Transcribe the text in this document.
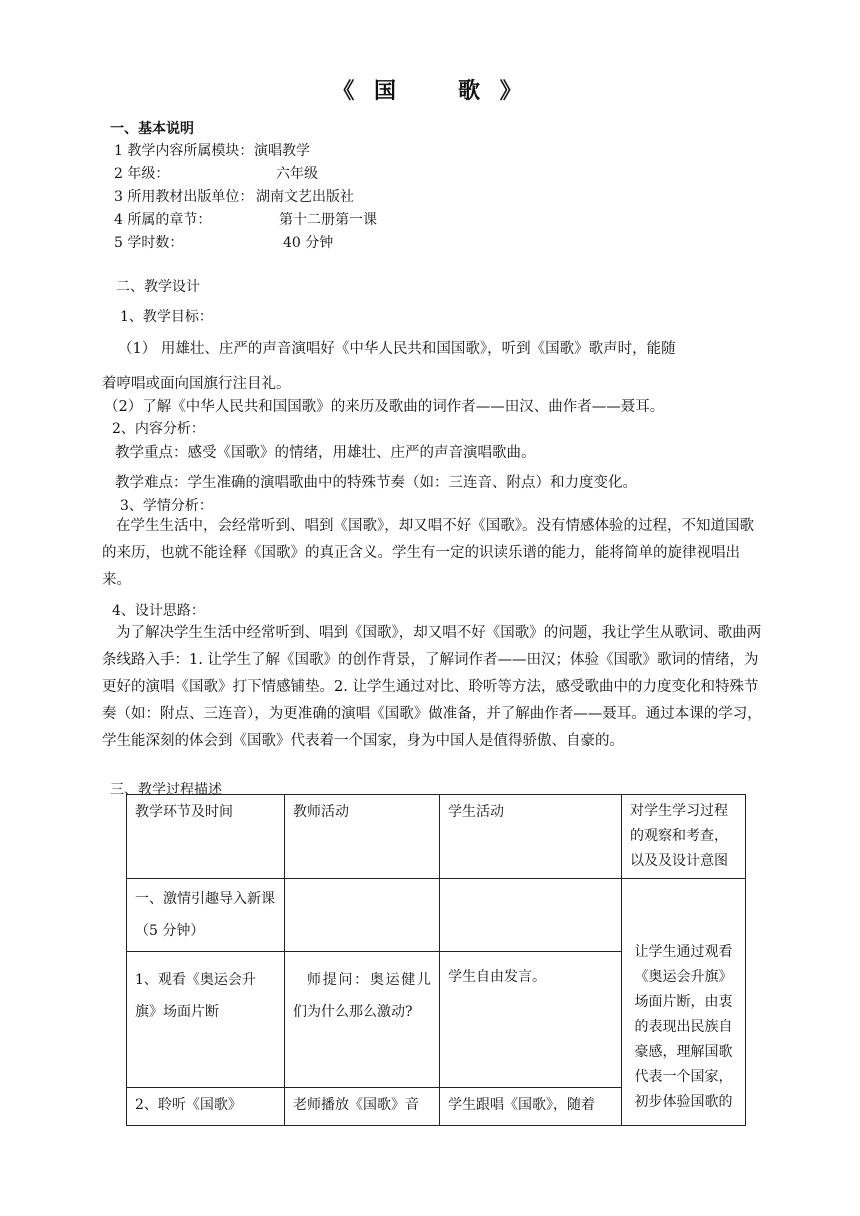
《 国　　歌 》
一、基本说明
1 教学内容所属模块： 演唱教学
2 年级：	六年级
3 所用教材出版单位： 湖南文艺出版社
4 所属的章节：	第十二册第一课
5 学时数：	40 分钟
二、教学设计
1、教学目标：
（1） 用雄壮、庄严的声音演唱好《中华人民共和国国歌》，听到《国歌》歌声时，能随
着哼唱或面向国旗行注目礼。
（2）了解《中华人民共和国国歌》的来历及歌曲的词作者——田汉、曲作者——聂耳。
2、内容分析：
教学重点：感受《国歌》的情绪，用雄壮、庄严的声音演唱歌曲。
教学难点：学生准确的演唱歌曲中的特殊节奏（如：三连音、附点）和力度变化。
3、学情分析：
在学生生活中，会经常听到、唱到《国歌》，却又唱不好《国歌》。没有情感体验的过程，不知道国歌的来历，也就不能诠释《国歌》的真正含义。学生有一定的识读乐谱的能力，能将简单的旋律视唱出来。
4、设计思路：
为了解决学生生活中经常听到、唱到《国歌》，却又唱不好《国歌》的问题，我让学生从歌词、歌曲两条线路入手：1. 让学生了解《国歌》的创作背景，了解词作者——田汉；体验《国歌》歌词的情绪，为更好的演唱《国歌》打下情感铺垫。2. 让学生通过对比、聆听等方法，感受歌曲中的力度变化和特殊节奏（如：附点、三连音），为更准确的演唱《国歌》做准备，并了解曲作者——聂耳。通过本课的学习，学生能深刻的体会到《国歌》代表着一个国家，身为中国人是值得骄傲、自豪的。
三、教学过程描述
教学环节及时间	教师活动	学生活动	对学生学习过程的观察和考查，以及及设计意图
一、激情引趣导入新课（5 分钟）			让学生通过观看《奥运会升旗》场面片断，由衷的表现出民族自豪感，理解国歌代表一个国家，初步体验国歌的
1、观看《奥运会升旗》场面片断	师提问：奥运健儿们为什么那么激动?	学生自由发言。	
2、聆听《国歌》	老师播放《国歌》音	学生跟唱《国歌》，随着	
